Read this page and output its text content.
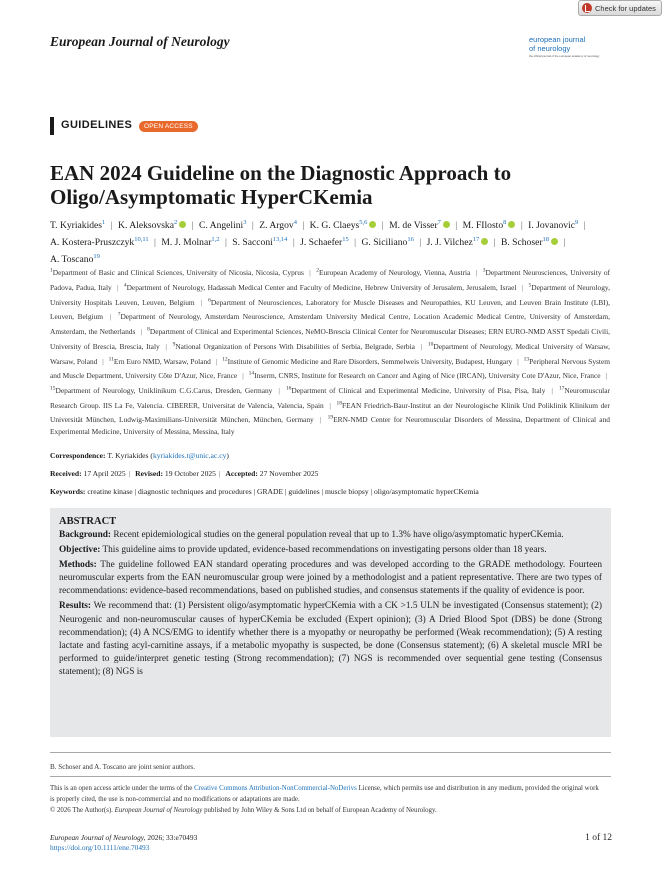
Check for updates
European Journal of Neurology	european journal
of neurology
the official journal of the european academy of neurology
GUIDELINES	OPEN ACCESS
EAN 2024 Guideline on the Diagnostic Approach to Oligo/Asymptomatic HyperCKemia
T. Kyriakides$^1$ | K. Aleksovska$^2$ | C. Angelini$^3$ | Z. Argov$^4$ | K. G. Claeys$^{5,6}$ | M. de Visser$^7$ | M. FIlosto$^8$ | I. Jovanovic$^9$ | A. Kostera-Pruszczyk$^{10,11}$ | M. J. Molnar$^{1,2}$ | S. Sacconi$^{13,14}$ | J. Schaefer$^{15}$ | G. Siciliano$^{16}$ | J. J. Vilchez$^{17}$ | B. Schoser$^{18}$ | A. Toscano$^{19}$
$^1$Department of Basic and Clinical Sciences, University of Nicosia, Nicosia, Cyprus | $^2$European Academy of Neurology, Vienna, Austria | $^3$Department Neurosciences, University of Padova, Padua, Italy | $^4$Department of Neurology, Hadassah Medical Center and Faculty of Medicine, Hebrew University of Jerusalem, Jerusalem, Israel | $^5$Department of Neurology, University Hospitals Leuven, Leuven, Belgium | $^6$Department of Neurosciences, Laboratory for Muscle Diseases and Neuropathies, KU Leuven, and Leuven Brain Institute (LBI), Leuven, Belgium | $^7$Department of Neurology, Amsterdam Neuroscience, Amsterdam University Medical Centre, Location Academic Medical Centre, University of Amsterdam, Amsterdam, the Netherlands | $^8$Department of Clinical and Experimental Sciences, NeMO-Brescia Clinical Center for Neuromuscular Diseases; ERN EURO-NMD ASST Spedali Civili, University of Brescia, Brescia, Italy | $^9$National Organization of Persons With Disabilities of Serbia, Belgrade, Serbia | $^{10}$Department of Neurology, Medical University of Warsaw, Warsaw, Poland | $^{11}$Ern Euro NMD, Warsaw, Poland | $^{12}$Institute of Genomic Medicine and Rare Disorders, Semmelweis University, Budapest, Hungary | $^{13}$Peripheral Nervous System and Muscle Department, University Côte D'Azur, Nice, France | $^{14}$Inserm, CNRS, Institute for Research on Cancer and Aging of Nice (IRCAN), University Cote D'Azur, Nice, France | $^{15}$Department of Neurology, Uniklinikum C.G.Carus, Dresden, Germany | $^{16}$Department of Clinical and Experimental Medicine, University of Pisa, Pisa, Italy | $^{17}$Neuromuscular Research Group. IIS La Fe, Valencia. CIBERER, Universitat de Valencia, Valencia, Spain | $^{18}$FEAN Friedrich-Baur-Institut an der Neurologische Klinik Und Poliklinik Klinikum der Universität München, Ludwig-Maximilians-Universität München, München, Germany | $^{19}$ERN-NMD Center for Neuromuscular Disorders of Messina, Department of Clinical and Experimental Medicine, University of Messina, Messina, Italy
Correspondence: T. Kyriakides (kyriakides.t@unic.ac.cy)
Received: 17 April 2025 | Revised: 19 October 2025 | Accepted: 27 November 2025
Keywords: creatine kinase | diagnostic techniques and procedures | GRADE | guidelines | muscle biopsy | oligo/asymptomatic hyperCKemia
ABSTRACT

Background: Recent epidemiological studies on the general population reveal that up to 1.3% have oligo/asymptomatic hyperCKemia.

Objective: This guideline aims to provide updated, evidence-based recommendations on investigating persons older than 18 years.

Methods: The guideline followed EAN standard operating procedures and was developed according to the GRADE methodology. Fourteen neuromuscular experts from the EAN neuromuscular group were joined by a methodologist and a patient representative. There are two types of recommendations: evidence-based recommendations, based on published studies, and consensus statements if the quality of evidence is poor.

Results: We recommend that: (1) Persistent oligo/asymptomatic hyperCKemia with a CK >1.5 ULN be investigated (Consensus statement); (2) Neurogenic and non-neuromuscular causes of hyperCKemia be excluded (Expert opinion); (3) A Dried Blood Spot (DBS) be done (Strong recommendation); (4) A NCS/EMG to identify whether there is a myopathy or neuropathy be performed (Weak recommendation); (5) A resting lactate and fasting acyl-carnitine assays, if a metabolic myopathy is suspected, be done (Consensus statement); (6) A skeletal muscle MRI be performed to guide/interpret genetic testing (Strong recommendation); (7) NGS is recommended over sequential gene testing (Consensus statement); (8) NGS is

B. Schoser and A. Toscano are joint senior authors.
This is an open access article under the terms of the Creative Commons Attribution-NonCommercial-NoDerivs License, which permits use and distribution in any medium, provided the original work is properly cited, the use is non-commercial and no modifications or adaptations are made.
© 2026 The Author(s). European Journal of Neurology published by John Wiley & Sons Ltd on behalf of European Academy of Neurology.
European Journal of Neurology, 2026; 33:e70493
https://doi.org/10.1111/ene.70493
1 of 12
